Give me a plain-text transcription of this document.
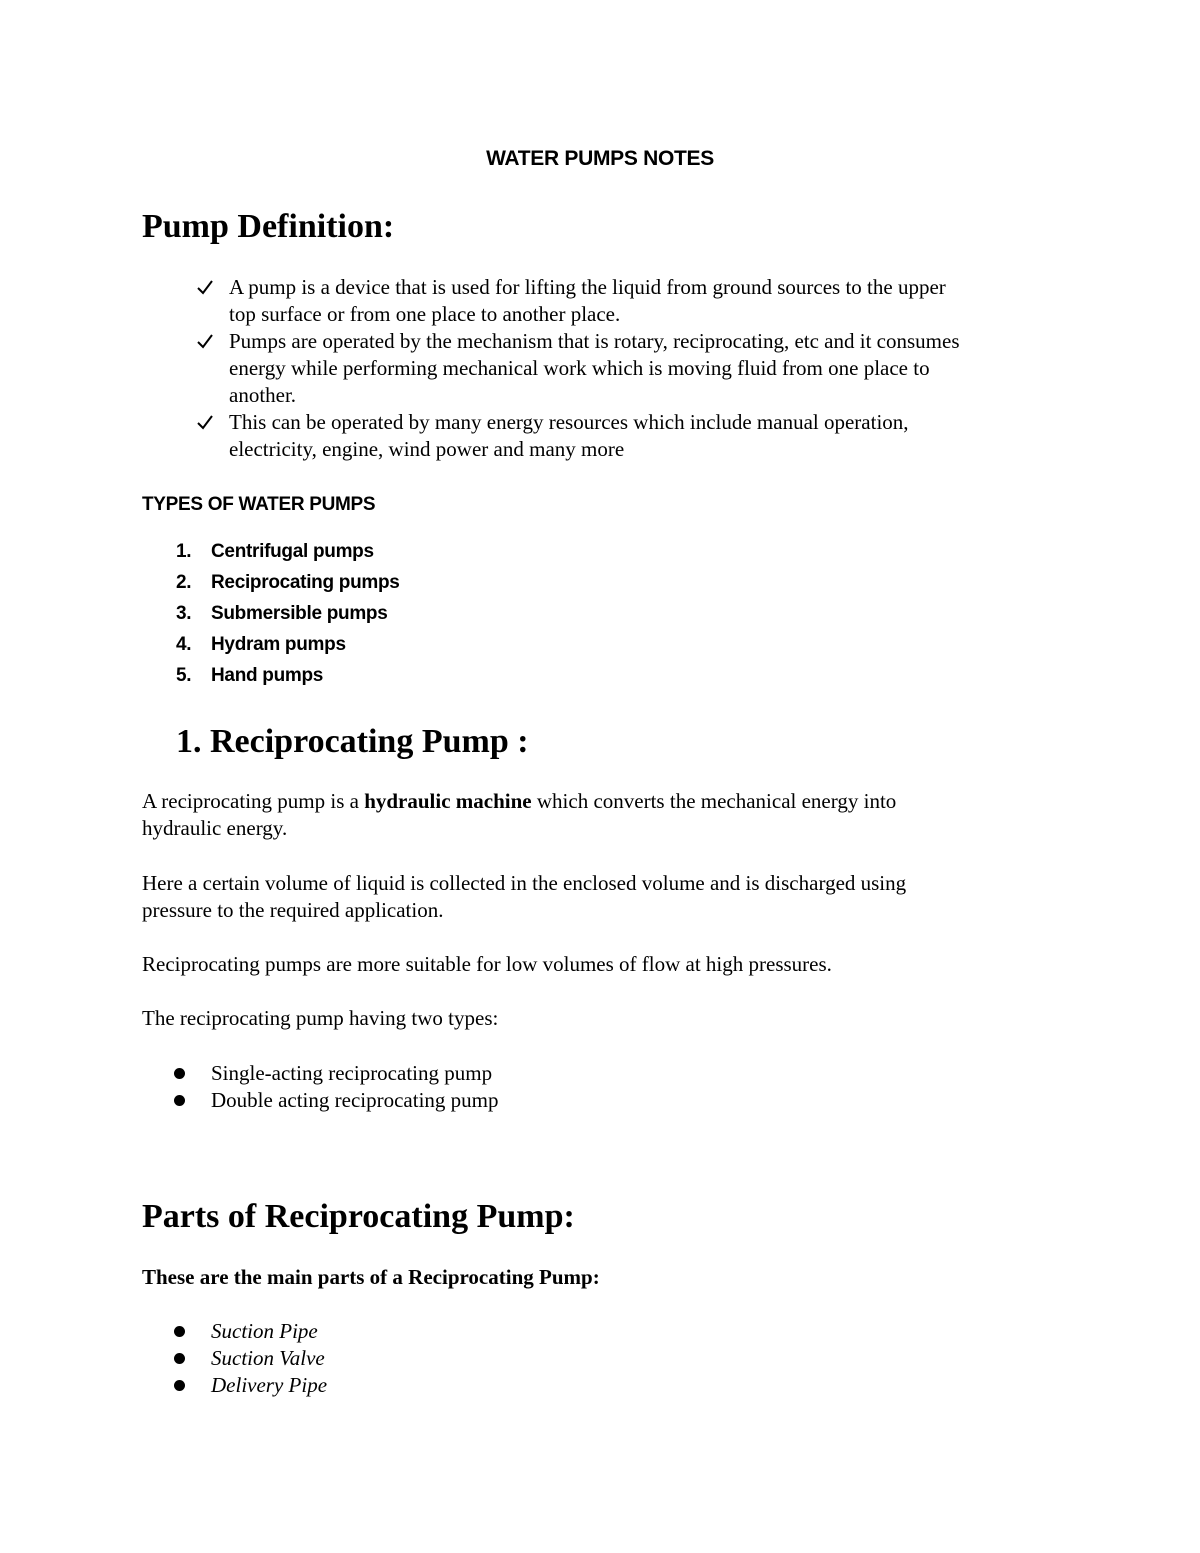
WATER PUMPS NOTES
Pump Definition:
A pump is a device that is used for lifting the liquid from ground sources to the upper
top surface or from one place to another place.
Pumps are operated by the mechanism that is rotary, reciprocating, etc and it consumes
energy while performing mechanical work which is moving fluid from one place to
another.
This can be operated by many energy resources which include manual operation,
electricity, engine, wind power and many more
TYPES OF WATER PUMPS
1.	Centrifugal pumps
2.	Reciprocating pumps
3.	Submersible pumps
4.	Hydram pumps
5.	Hand pumps
1. Reciprocating Pump :
A reciprocating pump is a hydraulic machine which converts the mechanical energy into
hydraulic energy.
Here a certain volume of liquid is collected in the enclosed volume and is discharged using
pressure to the required application.
Reciprocating pumps are more suitable for low volumes of flow at high pressures.
The reciprocating pump having two types:
Single-acting reciprocating pump
Double acting reciprocating pump
Parts of Reciprocating Pump:
These are the main parts of a Reciprocating Pump:
Suction Pipe
Suction Valve
Delivery Pipe
